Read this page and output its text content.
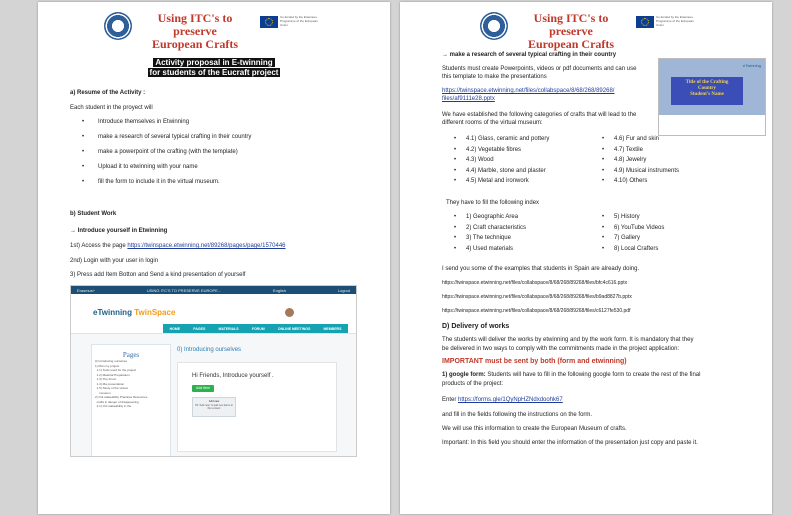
Using ITC's to preserve
European Crafts
Co-funded by the Erasmus+ Programme of the European Union
Activity proposal in E-twinning
for students of the Eucraft project
a) Resume of the Activity :
Each student in the proyect will
• Introduce themselves in Etwinning
• make a research of several typical crafting in their country
• make a powerpoint of the crafting (with the template)
• Upload it to etwinning with your name
• fill the form to include it in the virtual museum.
b) Student Work
→ Introduce yourself in Etwinning
1st) Access the page https://twinspace.etwinning.net/89268/pages/page/1570446
2nd) Login with your user in login
3) Press add Item Botton and Send a kind presentation of yourself
Erasmus+	USING ITC'S TO PRESERVE EUROPE...	English	Logout
eTwinning TwinSpace
HOME	PAGES	MATERIALS	FORUM	ONLINE MEETINGS	MEMBERS
Pages
0) Introducing ourselves
1) Plan my project
1.1) Tools used for the project
1.2) Material Preparation
1.3) The forum
1.4) Ma presentation
1.5) Study of the virtual
museum
2) Out stakeability Practices Resources
crafts in danger of disappearing
2.1) Out stakeability in the
0) Introducing ourselves
Hi Friends, Introduce yourself .
Add Item
Add new
Hit "Add new" to add new items to this content
Using ITC's to preserve
European Crafts
Co-funded by the Erasmus+ Programme of the European Union
→ make a research of several typical crafting in their country
Students must create Powerpoints, videos or pdf documents and can use
this template to make the presentations
https://twinspace.etwinning.net/files/collabspace/8/68/268/89268/
files/af9111e28.pptx
eTwinning
Title of the Crafting
Country
Student's Name
We have established the following categories of crafts that will lead to the
different rooms of the virtual museum:
• 4.1) Glass, ceramic and pottery
• 4.2) Vegetable fibres
• 4.3) Wood
• 4.4) Marble, stone and plaster
• 4.5) Metal and ironwork
• 4.6) Fur and skin
• 4.7) Textile
• 4.8) Jewelry
• 4.9) Musical instruments
• 4.10) Others
They have to fill the following index
• 1) Geographic Area
• 2) Craft characteristics
• 3) The technique
• 4) Used materials
• 5) History
• 6) YouTube Videos
• 7) Gallery
• 8) Local Crafters
I send you some of the examples that students in Spain are already doing.
https://twinspace.etwinning.net/files/collabspace/8/68/268/89268/files/bfc4c616.pptx
https://twinspace.etwinning.net/files/collabspace/8/68/268/89268/files/b9ad8827b.pptx
https://twinspace.etwinning.net/files/collabspace/8/68/268/89268/files/c6127fe530.pdf
D) Delivery of works
The students will deliver the works by etwinning and by the work form. It is mandatory that they
be delivered in two ways to comply with the commitments made in the project application:
IMPORTANT must be sent by both (form and etwinning)
1) google form: Students will have to fill in the following google form to create the rest of the final
products of the project:
Enter https://forms.gle/1QyNpHZNdxdoohk67
and fill in the fields following the instructions on the form.
We will use this information to create the European Museum of crafts.
Important: In this field you should enter the information of the presentation just copy and paste it.
